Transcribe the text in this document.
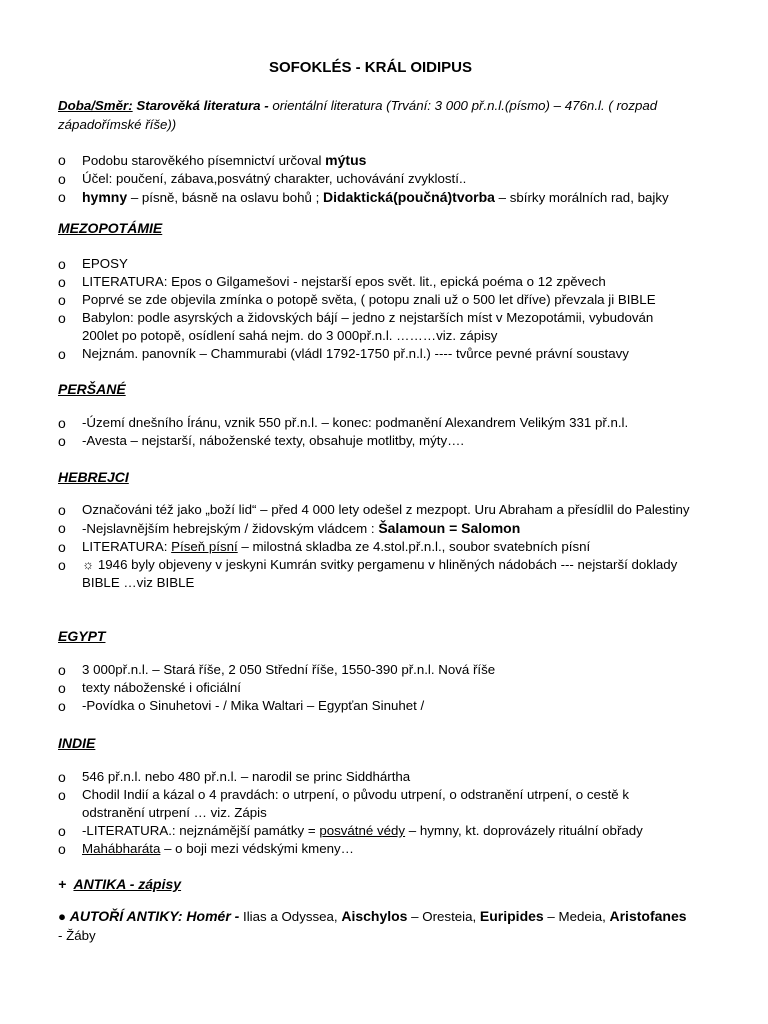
SOFOKLÉS - KRÁL OIDIPUS
Doba/Směr: Starověká literatura - orientální literatura (Trvání: 3 000 př.n.l.(písmo) – 476n.l. ( rozpad západořímské říše))
o Podobu starověkého písemnictví určoval mýtus
o Účel: poučení, zábava,posvátný charakter, uchovávání zvyklostí..
o hymny – písně, básně na oslavu bohů ; Didaktická(poučná)tvorba – sbírky morálních rad, bajky
MEZOPOTÁMIE
o EPOSY
o LITERATURA: Epos o Gilgamešovi - nejstarší epos svět. lit., epická poéma o 12 zpěvech
o Poprvé se zde objevila zmínka o potopě světa, ( potopu znali už o 500 let dříve) převzala ji BIBLE
o Babylon: podle asyrských a židovských bájí – jedno z nejstarších míst v Mezopotámii, vybudován 200let po potopě, osídlení sahá nejm. do 3 000př.n.l. ………viz. zápisy
o Nejznám. panovník – Chammurabi (vládl 1792-1750 př.n.l.) ---- tvůrce pevné právní soustavy
PERŠANÉ
o -Území dnešního Íránu, vznik 550 př.n.l. – konec: podmanění Alexandrem Velikým 331 př.n.l.
o -Avesta – nejstarší, náboženské texty, obsahuje motlitby, mýty….
HEBREJCI
o Označováni též jako „boží lid“ – před 4 000 lety odešel z mezpopt. Uru Abraham a přesídlil do Palestiny
o -Nejslavnějším hebrejským / židovským vládcem : Šalamoun = Salomon
o LITERATURA: Píseň písní – milostná skladba ze 4.stol.př.n.l., soubor svatebních písní
o ☼ 1946 byly objeveny v jeskyni Kumrán svitky pergamenu v hliněných nádobách --- nejstarší doklady BIBLE …viz BIBLE
EGYPT
o 3 000př.n.l. – Stará říše, 2 050 Střední říše, 1550-390 př.n.l. Nová říše
o texty náboženské i oficiální
o -Povídka o Sinuhetovi - / Mika Waltari – Egypťan Sinuhet /
INDIE
o 546 př.n.l. nebo 480 př.n.l. – narodil se princ Siddhártha
o Chodil Indií a kázal o 4 pravdách: o utrpení, o původu utrpení, o odstranění utrpení, o cestě k odstranění utrpení … viz. Zápis
o -LITERATURA.: nejznámější památky = posvátné védy – hymny, kt. doprovázely rituální obřady
o Mahábharáta – o boji mezi védskými kmeny…
+ ANTIKA - zápisy
● AUTOŘÍ ANTIKY: Homér - Ilias a Odyssea, Aischylos – Oresteia, Euripides – Medeia, Aristofanes - Žáby
